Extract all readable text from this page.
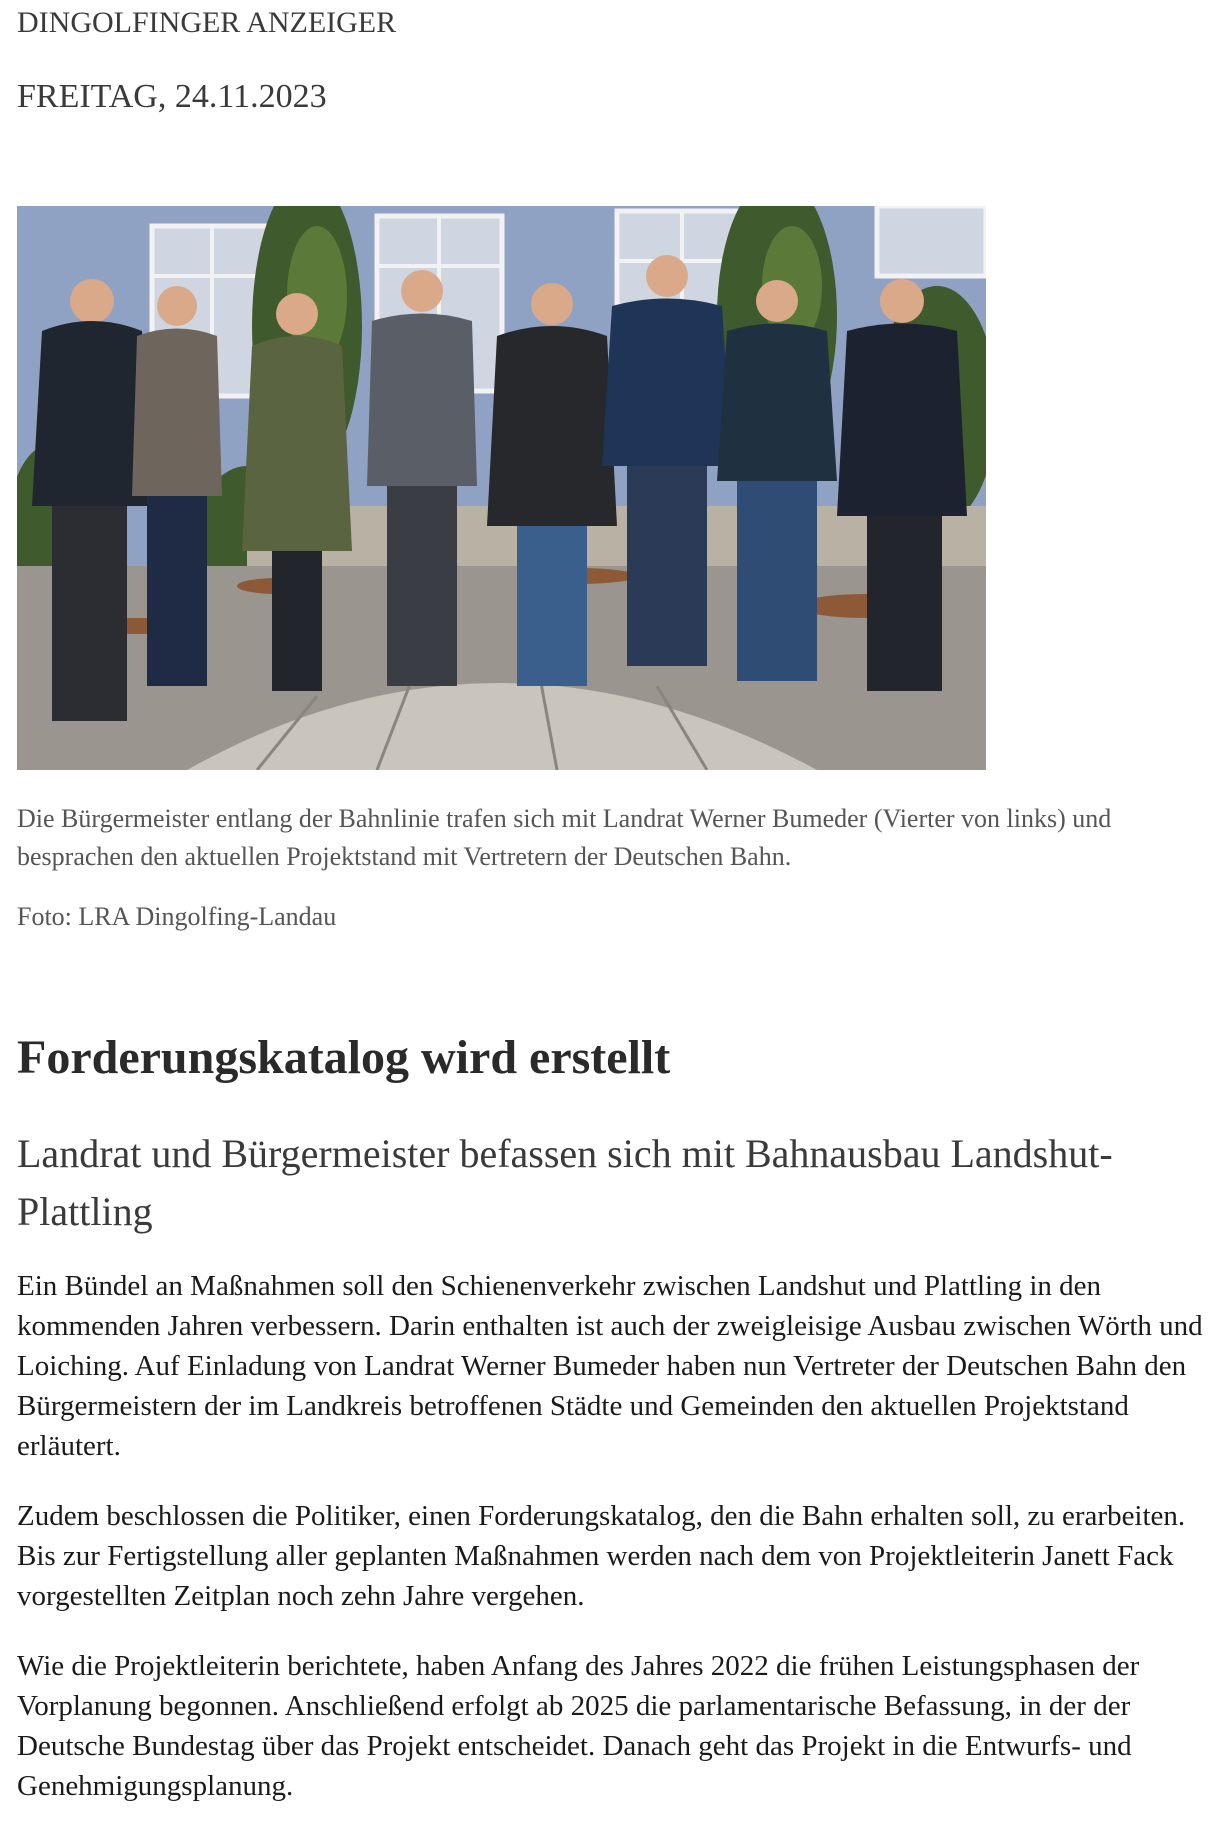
DINGOLFINGER ANZEIGER
FREITAG, 24.11.2023
Die Bürgermeister entlang der Bahnlinie trafen sich mit Landrat Werner Bumeder (Vierter von links) und besprachen den aktuellen Projektstand mit Vertretern der Deutschen Bahn.
Foto: LRA Dingolfing-Landau
Forderungskatalog wird erstellt
Landrat und Bürgermeister befassen sich mit Bahnausbau Landshut-Plattling

Ein Bündel an Maßnahmen soll den Schienenverkehr zwischen Landshut und Plattling in den kommenden Jahren verbessern. Darin enthalten ist auch der zweigleisige Ausbau zwischen Wörth und Loiching. Auf Einladung von Landrat Werner Bumeder haben nun Vertreter der Deutschen Bahn den Bürgermeistern der im Landkreis betroffenen Städte und Gemeinden den aktuellen Projektstand erläutert.

Zudem beschlossen die Politiker, einen Forderungskatalog, den die Bahn erhalten soll, zu erarbeiten. Bis zur Fertigstellung aller geplanten Maßnahmen werden nach dem von Projektleiterin Janett Fack vorgestellten Zeitplan noch zehn Jahre vergehen.

Wie die Projektleiterin berichtete, haben Anfang des Jahres 2022 die frühen Leistungsphasen der Vorplanung begonnen. Anschließend erfolgt ab 2025 die parlamentarische Befassung, in der der Deutsche Bundestag über das Projekt entscheidet. Danach geht das Projekt in die Entwurfs- und Genehmigungsplanung.
